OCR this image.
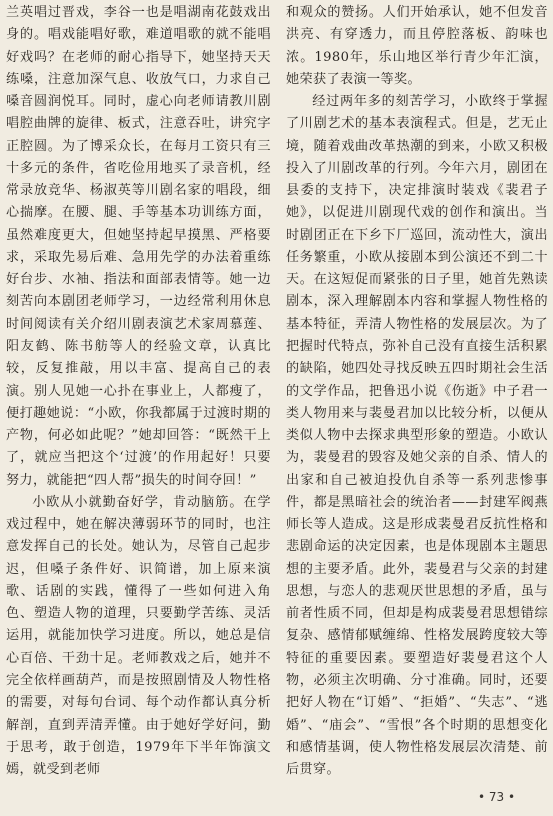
兰英唱过晋戏，李谷一也是唱湖南花鼓戏出身的。唱戏能唱好歌，难道唱歌的就不能唱好戏吗？在老师的耐心指导下，她坚持天天练嗓，注意加深气息、收放气口，力求自己嗓音圆润悦耳。同时，虚心向老师请教川剧唱腔曲牌的旋律、板式，注意吞吐，讲究字正腔圆。为了博采众长，在每月工资只有三十多元的条件，省吃俭用地买了录音机，经常录放竞华、杨淑英等川剧名家的唱段，细心揣摩。在腰、腿、手等基本功训练方面，虽然难度更大，但她坚持起早摸黑、严格要求，采取先易后难、急用先学的办法着重练好台步、水袖、指法和面部表情等。她一边刻苦向本剧团老师学习，一边经常利用休息时间阅读有关介绍川剧表演艺术家周慕莲、阳友鹤、陈书舫等人的经验文章，认真比较，反复推敲，用以丰富、提高自己的表演。别人见她一心扑在事业上，人都瘦了，便打趣她说：“小欧，你我都属于过渡时期的产物，何必如此呢？”她却回答：“既然干上了，就应当把这个‘过渡’的作用起好！只要努力，就能把“四人帮”损失的时间夺回！”

小欧从小就勤奋好学，肯动脑筋。在学戏过程中，她在解决薄弱环节的同时，也注意发挥自己的长处。她认为，尽管自己起步迟，但嗓子条件好、识简谱，加上原来演歌、话剧的实践，懂得了一些如何进入角色、塑造人物的道理，只要勤学苦练、灵活运用，就能加快学习进度。所以，她总是信心百倍、干劲十足。老师教戏之后，她并不完全依样画葫芦，而是按照剧情及人物性格的需要，对每句台词、每个动作都认真分析解剖，直到弄清弄懂。由于她好学好问，勤于思考，敢于创造，1979年下半年饰演文嫣，就受到老师

和观众的赞扬。人们开始承认，她不但发音洪亮、有穿透力，而且停腔落板、韵味也浓。1980年，乐山地区举行青少年汇演，她荣获了表演一等奖。

经过两年多的刻苦学习，小欧终于掌握了川剧艺术的基本表演程式。但是，艺无止境，随着戏曲改革热潮的到来，小欧又积极投入了川剧改革的行列。今年六月，剧团在县委的支持下，决定排演时装戏《裴君子她》，以促进川剧现代戏的创作和演出。当时剧团正在下乡下厂巡回，流动性大，演出任务繁重，小欧从接剧本到公演还不到二十天。在这短促而紧张的日子里，她首先熟读剧本，深入理解剧本内容和掌握人物性格的基本特征，弄清人物性格的发展层次。为了把握时代特点，弥补自己没有直接生活积累的缺陷，她四处寻找反映五四时期社会生活的文学作品，把鲁迅小说《伤逝》中子君一类人物用来与裴曼君加以比较分析，以便从类似人物中去探求典型形象的塑造。小欧认为，裴曼君的毁容及她父亲的自杀、情人的出家和自己被迫投仇自杀等一系列悲惨事件，都是黑暗社会的统治者——封建军阀燕师长等人造成。这是形成裴曼君反抗性格和悲剧命运的决定因素，也是体现剧本主题思想的主要矛盾。此外，裴曼君与父亲的封建思想，与恋人的悲观厌世思想的矛盾，虽与前者性质不同，但却是构成裴曼君思想错综复杂、感情郁赋缠绵、性格发展跨度较大等特征的重要因素。要塑造好裴曼君这个人物，必须主次明确、分寸准确。同时，还要把好人物在“订婚”、“拒婚”、“失志”、“逃婚”、“庙会”、“雪恨”各个时期的思想变化和感情基调，使人物性格发展层次清楚、前后贯穿。

• 73 •
